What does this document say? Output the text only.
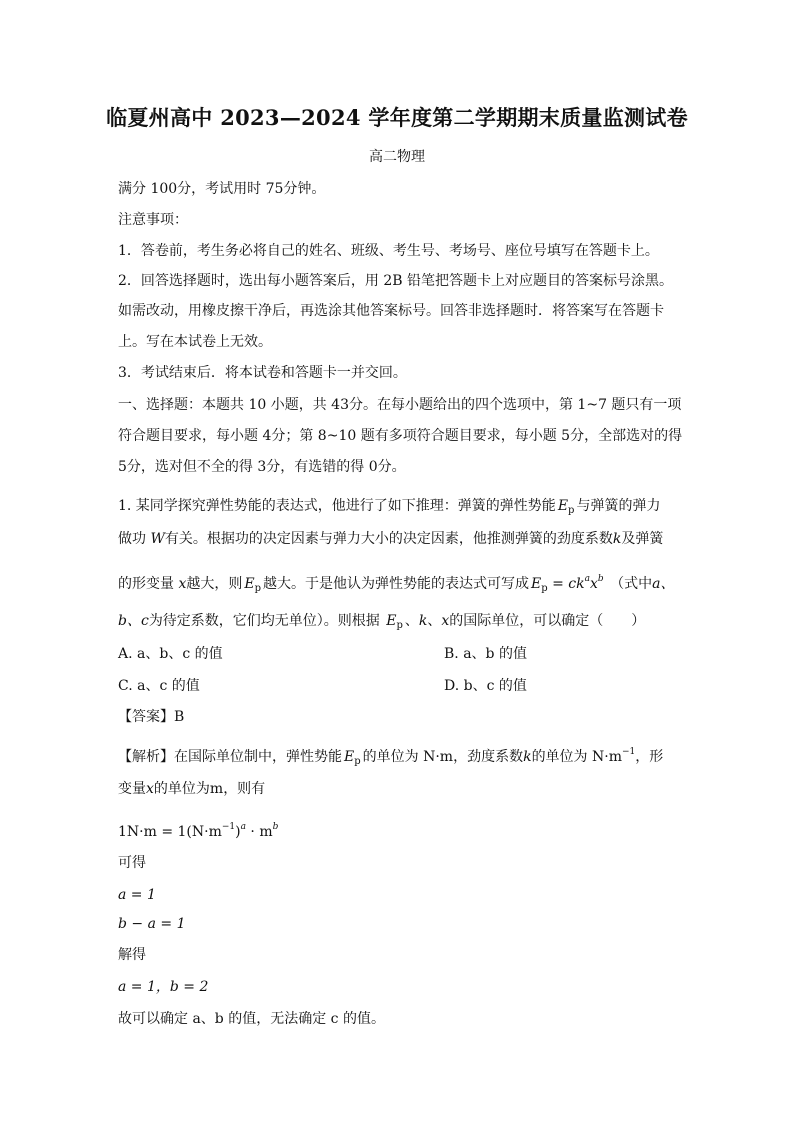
临夏州高中 2023—2024 学年度第二学期期末质量监测试卷
高二物理
满分 100分，考试用时 75分钟。
注意事项：
1．答卷前，考生务必将自己的姓名、班级、考生号、考场号、座位号填写在答题卡上。
2．回答选择题时，选出每小题答案后，用 2B 铅笔把答题卡上对应题目的答案标号涂黑。
如需改动，用橡皮擦干净后，再选涂其他答案标号。回答非选择题时．将答案写在答题卡
上。写在本试卷上无效。
3．考试结束后．将本试卷和答题卡一并交回。
一、选择题：本题共 10 小题，共 43分。在每小题给出的四个选项中，第 1~7 题只有一项
符合题目要求，每小题 4分；第 8~10 题有多项符合题目要求，每小题 5分，全部选对的得
5分，选对但不全的得 3分，有选错的得 0分。
1. 某同学探究弹性势能的表达式，他进行了如下推理：弹簧的弹性势能 $E_p$ 与弹簧的弹力
做功 W有关。根据功的决定因素与弹力大小的决定因素，他推测弹簧的劲度系数k及弹簧
的形变量 x越大，则 $E_p$ 越大。于是他认为弹性势能的表达式可写成 $E_p = ck^ax^b$ （式中a、
b、c为待定系数，它们均无单位）。则根据 $E_p$ 、k、x的国际单位，可以确定（　　）
A. a、b、c 的值	B. a、b 的值
C. a、c 的值	D. b、c 的值
【答案】B
【解析】在国际单位制中，弹性势能 $E_p$ 的单位为 N·m，劲度系数k的单位为 $N\cdot m^{-1}$，形
变量x的单位为m，则有
$1N\cdot m = 1(N\cdot m^{-1})^a \cdot m^b$
可得
a = 1
b − a = 1
解得
a = 1，b = 2
故可以确定 a、b 的值，无法确定 c 的值。
